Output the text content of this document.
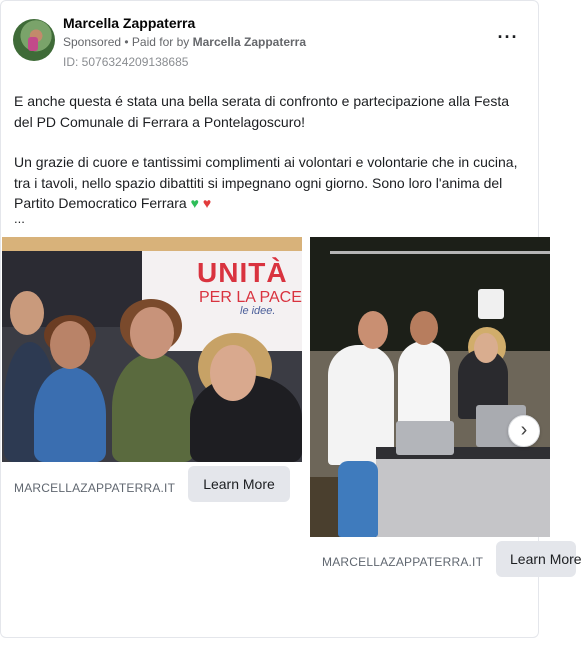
Marcella Zappaterra
Sponsored • Paid for by Marcella Zappaterra
ID: 5076324209138685
···

E anche questa é stata una bella serata di confronto e partecipazione alla Festa del PD Comunale di Ferrara a Pontelagoscuro!

Un grazie di cuore e tantissimi complimenti ai volontari e volontarie che in cucina, tra i tavoli, nello spazio dibattiti si impegnano ogni giorno. Sono loro l'anima del Partito Democratico Ferrara ♥ ♥

...
UNITÀ
PER LA PACE
le idee.
MARCELLAZAPPATERRA.IT	Learn More
MARCELLAZAPPATERRA.IT	Learn More
›
